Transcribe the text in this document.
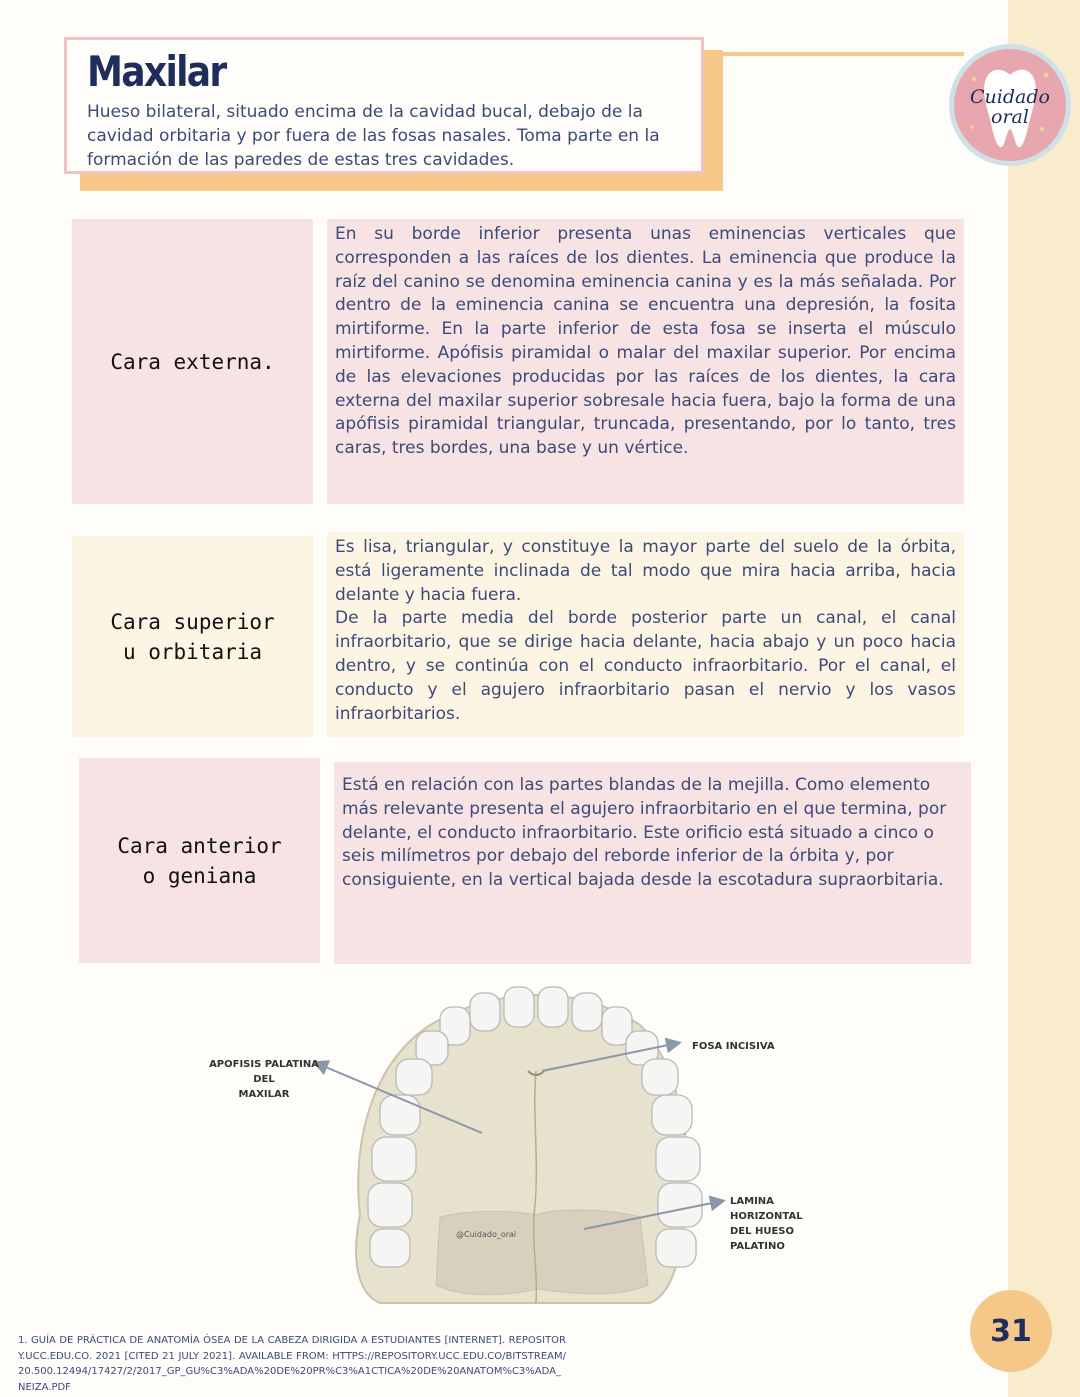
Maxilar

Hueso bilateral, situado encima de la cavidad bucal, debajo de la cavidad orbitaria y por fuera de las fosas nasales. Toma parte en la formación de las paredes de estas tres cavidades.

Cuidado
oral
Cara externa.

En su borde inferior presenta unas eminencias verticales que corresponden a las raíces de los dientes. La eminencia que produce la raíz del canino se denomina eminencia canina y es la más señalada. Por dentro de la eminencia canina se encuentra una depresión, la fosita mirtiforme. En la parte inferior de esta fosa se inserta el músculo mirtiforme. Apófisis piramidal o malar del maxilar superior. Por encima de las elevaciones producidas por las raíces de los dientes, la cara externa del maxilar superior sobresale hacia fuera, bajo la forma de una apófisis piramidal triangular, truncada, presentando, por lo tanto, tres caras, tres bordes, una base y un vértice.

Cara superior u orbitaria

Es lisa, triangular, y constituye la mayor parte del suelo de la órbita, está ligeramente inclinada de tal modo que mira hacia arriba, hacia delante y hacia fuera.

De la parte media del borde posterior parte un canal, el canal infraorbitario, que se dirige hacia delante, hacia abajo y un poco hacia dentro, y se continúa con el conducto infraorbitario. Por el canal, el conducto y el agujero infraorbitario pasan el nervio y los vasos infraorbitarios.

Cara anterior o geniana

Está en relación con las partes blandas de la mejilla. Como elemento más relevante presenta el agujero infraorbitario en el que termina, por delante, el conducto infraorbitario. Este orificio está situado a cinco o seis milímetros por debajo del reborde inferior de la órbita y, por consiguiente, en la vertical bajada desde la escotadura supraorbitaria.

@Cuidado_oral
APOFISIS PALATINA DEL
MAXILAR
FOSA INCISIVA
LAMINA HORIZONTAL
DEL HUESO PALATINO
1. GUÍA DE PRÁCTICA DE ANATOMÍA ÓSEA DE LA CABEZA DIRIGIDA A ESTUDIANTES [INTERNET]. REPOSITORY.UCC.EDU.CO. 2021 [CITED 21 JULY 2021]. AVAILABLE FROM: HTTPS://REPOSITORY.UCC.EDU.CO/BITSTREAM/20.500.12494/17427/2/2017_GP_GU%C3%ADA%20DE%20PR%C3%A1CTICA%20DE%20ANATOM%C3%ADA_NEIZA.PDF
31
